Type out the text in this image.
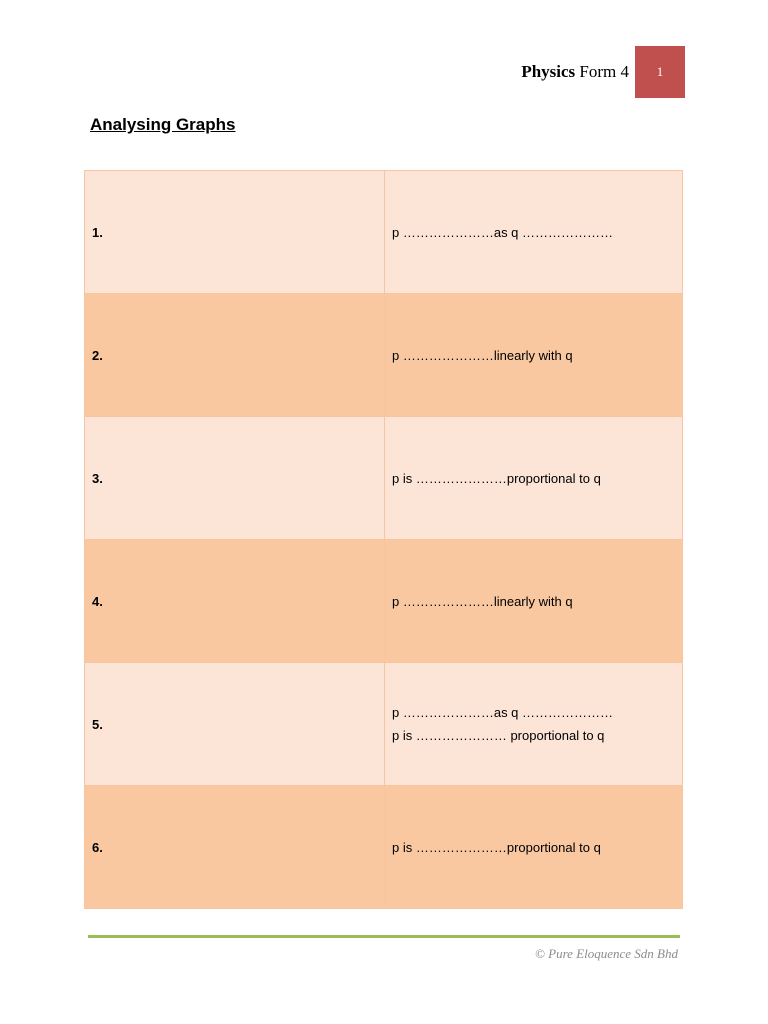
Physics Form 4 1
Analysing Graphs
1.	p …………………as q …………………

2.	p …………………linearly with q

3.	p is …………………proportional to q

4.	p …………………linearly with q

5.	p …………………as q …………………
p is ………………… proportional to q

6.	p is …………………proportional to q
© Pure Eloquence Sdn Bhd
